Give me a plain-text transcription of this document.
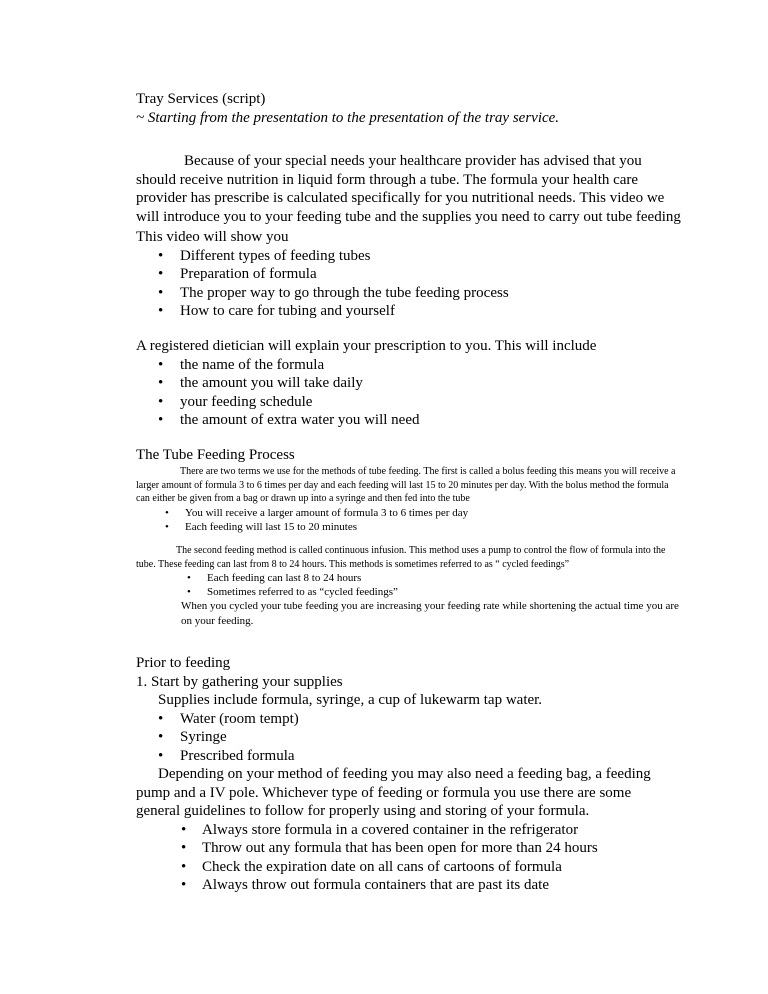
Tray Services (script)
~ Starting from the presentation to the presentation of the tray service.

Because of your special needs your healthcare provider has advised that you should receive nutrition in liquid form through a tube. The formula your health care provider has prescribe is calculated specifically for you nutritional needs. This video we will introduce you to your feeding tube and the supplies you need to carry out tube feeding

This video will show you
• Different types of feeding tubes
• Preparation of formula
• The proper way to go through the tube feeding process
• How to care for tubing and yourself
A registered dietician will explain your prescription to you. This will include
• the name of the formula
• the amount you will take daily
• your feeding schedule
• the amount of extra water you will need
The Tube Feeding Process

There are two terms we use for the methods of tube feeding. The first is called a bolus feeding this means you will receive a larger amount of formula 3 to 6 times per day and each feeding will last 15 to 20 minutes per day. With the bolus method the formula can either be given from a bag or drawn up into a syringe and then fed into the tube

• You will receive a larger amount of formula 3 to 6 times per day
• Each feeding will last 15 to 20 minutes

The second feeding method is called continuous infusion. This method uses a pump to control the flow of formula into the tube. These feeding can last from 8 to 24 hours. This methods is sometimes referred to as “ cycled feedings”

• Each feeding can last 8 to 24 hours
• Sometimes referred to as “cycled feedings”

When you cycled your tube feeding you are increasing your feeding rate while shortening the actual time you are on your feeding.

Prior to feeding
1. Start by gathering your supplies
Supplies include formula, syringe, a cup of lukewarm tap water.
• Water (room tempt)
• Syringe
• Prescribed formula

Depending on your method of feeding you may also need a feeding bag, a feeding pump and a IV pole. Whichever type of feeding or formula you use there are some general guidelines to follow for properly using and storing of your formula.

• Always store formula in a covered container in the refrigerator
• Throw out any formula that has been open for more than 24 hours
• Check the expiration date on all cans of cartoons of formula
• Always throw out formula containers that are past its date
